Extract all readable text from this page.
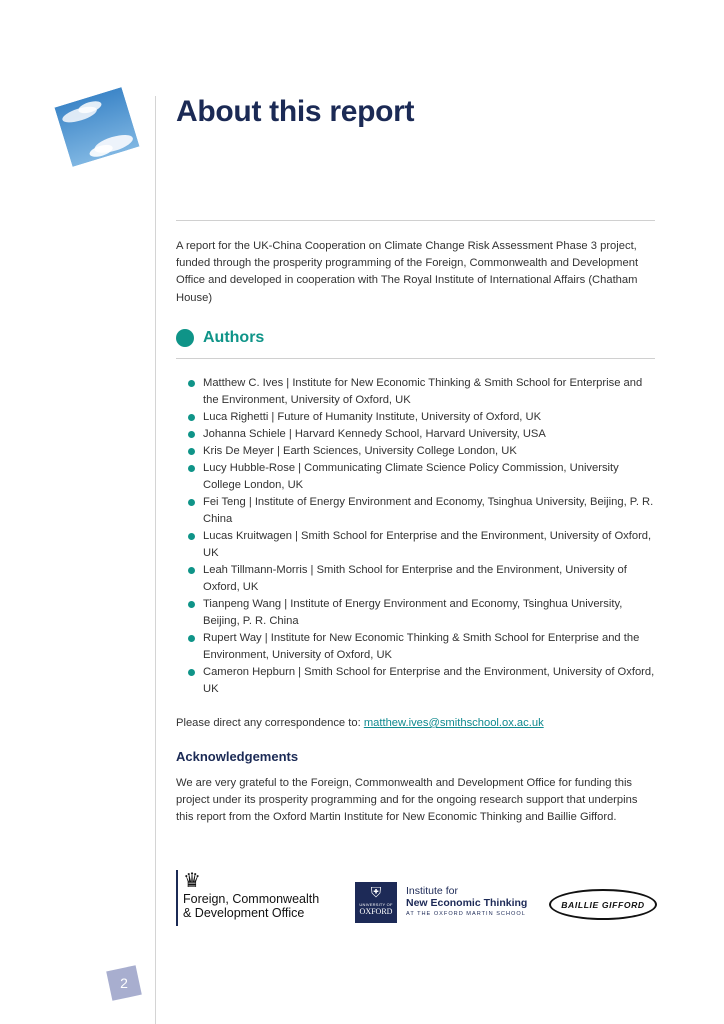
About this report

A report for the UK-China Cooperation on Climate Change Risk Assessment Phase 3 project, funded through the prosperity programming of the Foreign, Commonwealth and Development Office and developed in cooperation with The Royal Institute of International Affairs (Chatham House)

Authors
Matthew C. Ives | Institute for New Economic Thinking & Smith School for Enterprise and the Environment, University of Oxford, UK
Luca Righetti | Future of Humanity Institute, University of Oxford, UK
Johanna Schiele | Harvard Kennedy School, Harvard University, USA
Kris De Meyer | Earth Sciences, University College London, UK
Lucy Hubble-Rose | Communicating Climate Science Policy Commission, University College London, UK
Fei Teng | Institute of Energy Environment and Economy, Tsinghua University, Beijing, P. R. China
Lucas Kruitwagen | Smith School for Enterprise and the Environment, University of Oxford, UK
Leah Tillmann-Morris | Smith School for Enterprise and the Environment, University of Oxford, UK
Tianpeng Wang | Institute of Energy Environment and Economy, Tsinghua University, Beijing, P. R. China
Rupert Way | Institute for New Economic Thinking & Smith School for Enterprise and the Environment, University of Oxford, UK
Cameron Hepburn | Smith School for Enterprise and the Environment, University of Oxford, UK

Please direct any correspondence to: matthew.ives@smithschool.ox.ac.uk

Acknowledgements

We are very grateful to the Foreign, Commonwealth and Development Office for funding this project under its prosperity programming and for the ongoing research support that underpins this report from the Oxford Martin Institute for New Economic Thinking and Baillie Gifford.

♛
Foreign, Commonwealth
& Development Office
⛨
UNIVERSITY OF
OXFORD
Institute for
New Economic Thinking
AT THE OXFORD MARTIN SCHOOL
BAILLIE GIFFORD
2
